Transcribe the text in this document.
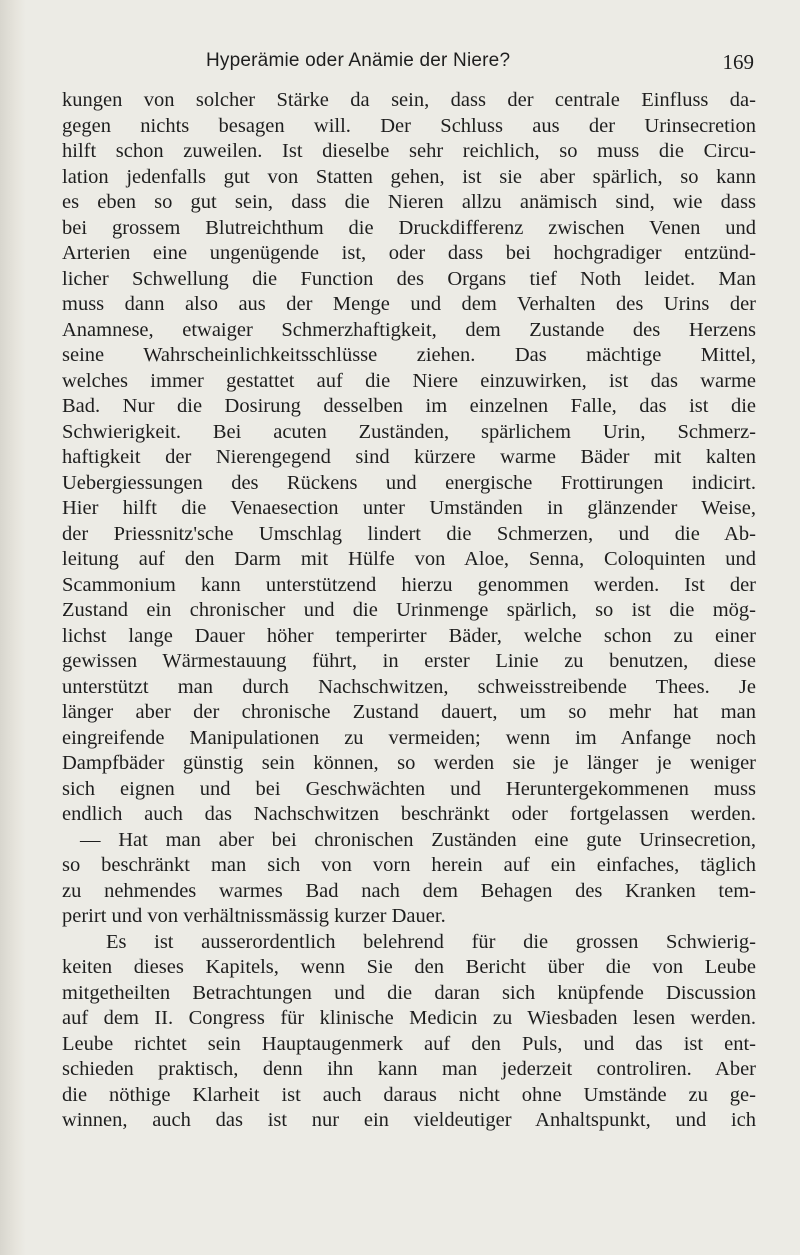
Hyperämie oder Anämie der Niere?	169
kungen von solcher Stärke da sein, dass der centrale Einfluss da-
gegen nichts besagen will. Der Schluss aus der Urinsecretion
hilft schon zuweilen. Ist dieselbe sehr reichlich, so muss die Circu-
lation jedenfalls gut von Statten gehen, ist sie aber spärlich, so kann
es eben so gut sein, dass die Nieren allzu anämisch sind, wie dass
bei grossem Blutreichthum die Druckdifferenz zwischen Venen und
Arterien eine ungenügende ist, oder dass bei hochgradiger entzünd-
licher Schwellung die Function des Organs tief Noth leidet. Man
muss dann also aus der Menge und dem Verhalten des Urins der
Anamnese, etwaiger Schmerzhaftigkeit, dem Zustande des Herzens
seine Wahrscheinlichkeitsschlüsse ziehen. Das mächtige Mittel,
welches immer gestattet auf die Niere einzuwirken, ist das warme
Bad. Nur die Dosirung desselben im einzelnen Falle, das ist die
Schwierigkeit. Bei acuten Zuständen, spärlichem Urin, Schmerz-
haftigkeit der Nierengegend sind kürzere warme Bäder mit kalten
Uebergiessungen des Rückens und energische Frottirungen indicirt.
Hier hilft die Venaesection unter Umständen in glänzender Weise,
der Priessnitz'sche Umschlag lindert die Schmerzen, und die Ab-
leitung auf den Darm mit Hülfe von Aloe, Senna, Coloquinten und
Scammonium kann unterstützend hierzu genommen werden. Ist der
Zustand ein chronischer und die Urinmenge spärlich, so ist die mög-
lichst lange Dauer höher temperirter Bäder, welche schon zu einer
gewissen Wärmestauung führt, in erster Linie zu benutzen, diese
unterstützt man durch Nachschwitzen, schweisstreibende Thees. Je
länger aber der chronische Zustand dauert, um so mehr hat man
eingreifende Manipulationen zu vermeiden; wenn im Anfange noch
Dampfbäder günstig sein können, so werden sie je länger je weniger
sich eignen und bei Geschwächten und Heruntergekommenen muss
endlich auch das Nachschwitzen beschränkt oder fortgelassen werden.
— Hat man aber bei chronischen Zuständen eine gute Urinsecretion,
so beschränkt man sich von vorn herein auf ein einfaches, täglich
zu nehmendes warmes Bad nach dem Behagen des Kranken tem-
perirt und von verhältnissmässig kurzer Dauer.
Es ist ausserordentlich belehrend für die grossen Schwierig-
keiten dieses Kapitels, wenn Sie den Bericht über die von Leube
mitgetheilten Betrachtungen und die daran sich knüpfende Discussion
auf dem II. Congress für klinische Medicin zu Wiesbaden lesen werden.
Leube richtet sein Hauptaugenmerk auf den Puls, und das ist ent-
schieden praktisch, denn ihn kann man jederzeit controliren. Aber
die nöthige Klarheit ist auch daraus nicht ohne Umstände zu ge-
winnen, auch das ist nur ein vieldeutiger Anhaltspunkt, und ich
